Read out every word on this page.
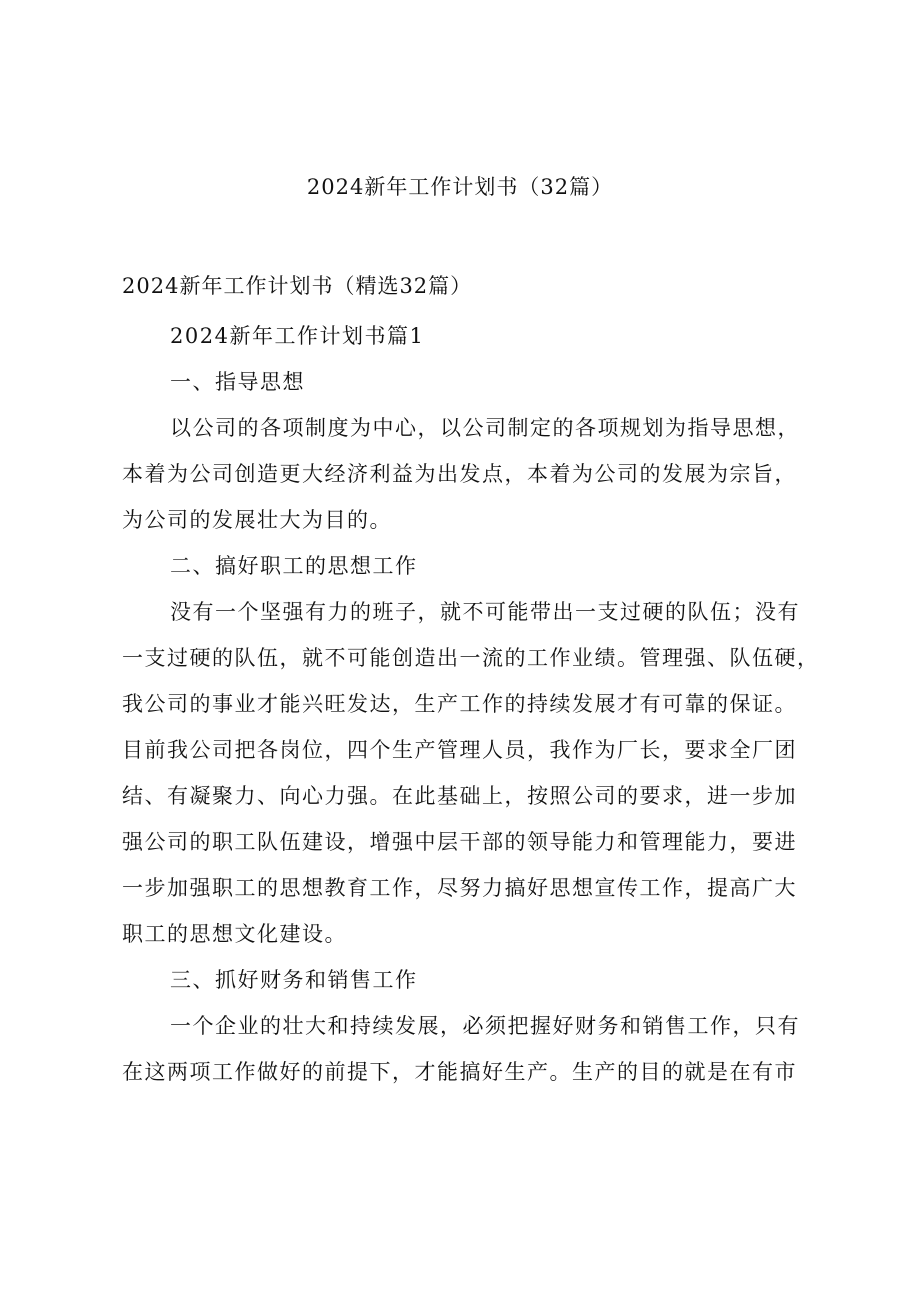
2024新年工作计划书（32篇）
2024新年工作计划书（精选32篇）

2024新年工作计划书篇1

一、指导思想

以公司的各项制度为中心，以公司制定的各项规划为指导思想，

本着为公司创造更大经济利益为出发点，本着为公司的发展为宗旨，

为公司的发展壮大为目的。

二、搞好职工的思想工作

没有一个坚强有力的班子，就不可能带出一支过硬的队伍；没有

一支过硬的队伍，就不可能创造出一流的工作业绩。管理强、队伍硬，

我公司的事业才能兴旺发达，生产工作的持续发展才有可靠的保证。

目前我公司把各岗位，四个生产管理人员，我作为厂长，要求全厂团

结、有凝聚力、向心力强。在此基础上，按照公司的要求，进一步加

强公司的职工队伍建设，增强中层干部的领导能力和管理能力，要进

一步加强职工的思想教育工作，尽努力搞好思想宣传工作，提高广大

职工的思想文化建设。

三、抓好财务和销售工作

一个企业的壮大和持续发展，必须把握好财务和销售工作，只有

在这两项工作做好的前提下，才能搞好生产。生产的目的就是在有市
